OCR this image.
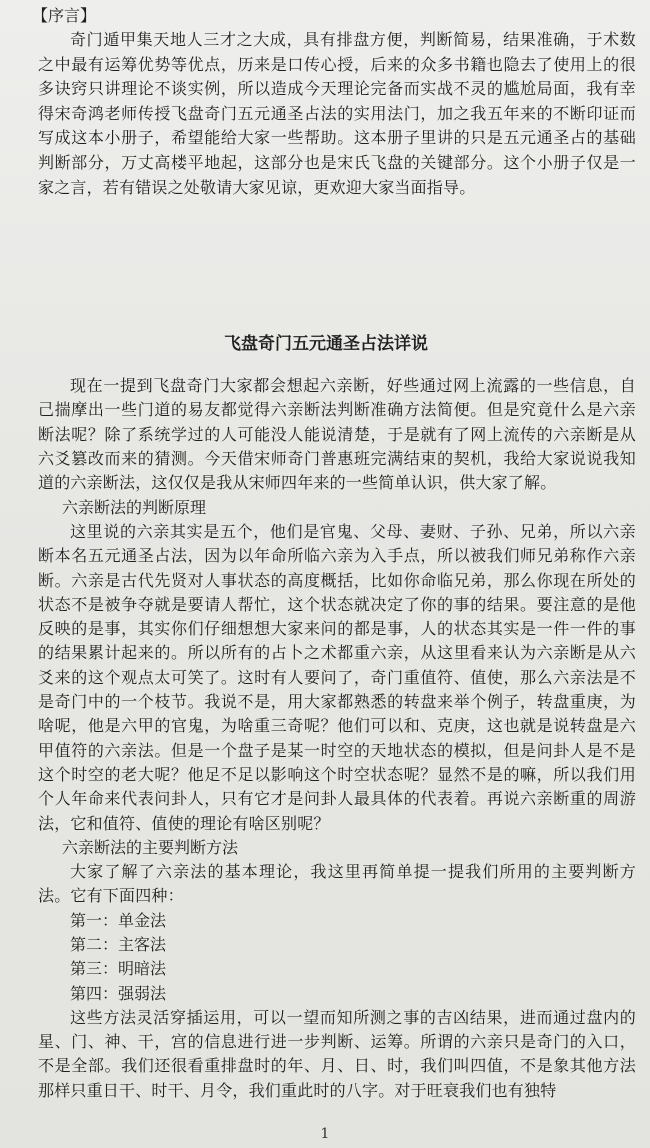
【序言】

奇门遁甲集天地人三才之大成，具有排盘方便，判断简易，结果准确，于术数之中最有运筹优势等优点，历来是口传心授，后来的众多书籍也隐去了使用上的很多诀窍只讲理论不谈实例，所以造成今天理论完备而实战不灵的尴尬局面，我有幸得宋奇鸿老师传授飞盘奇门五元通圣占法的实用法门，加之我五年来的不断印证而写成这本小册子，希望能给大家一些帮助。这本册子里讲的只是五元通圣占的基础判断部分，万丈高楼平地起，这部分也是宋氏飞盘的关键部分。这个小册子仅是一家之言，若有错误之处敬请大家见谅，更欢迎大家当面指导。

飞盘奇门五元通圣占法详说

现在一提到飞盘奇门大家都会想起六亲断，好些通过网上流露的一些信息，自己揣摩出一些门道的易友都觉得六亲断法判断准确方法简便。但是究竟什么是六亲断法呢？除了系统学过的人可能没人能说清楚，于是就有了网上流传的六亲断是从六爻篡改而来的猜测。今天借宋师奇门普惠班完满结束的契机，我给大家说说我知道的六亲断法，这仅仅是我从宋师四年来的一些简单认识，供大家了解。

六亲断法的判断原理

这里说的六亲其实是五个，他们是官鬼、父母、妻财、子孙、兄弟，所以六亲断本名五元通圣占法，因为以年命所临六亲为入手点，所以被我们师兄弟称作六亲断。六亲是古代先贤对人事状态的高度概括，比如你命临兄弟，那么你现在所处的状态不是被争夺就是要请人帮忙，这个状态就决定了你的事的结果。要注意的是他反映的是事，其实你们仔细想想大家来问的都是事，人的状态其实是一件一件的事的结果累计起来的。所以所有的占卜之术都重六亲，从这里看来认为六亲断是从六爻来的这个观点太可笑了。这时有人要问了，奇门重值符、值使，那么六亲法是不是奇门中的一个枝节。我说不是，用大家都熟悉的转盘来举个例子，转盘重庚，为啥呢，他是六甲的官鬼，为啥重三奇呢？他们可以和、克庚，这也就是说转盘是六甲值符的六亲法。但是一个盘子是某一时空的天地状态的模拟，但是问卦人是不是这个时空的老大呢？他足不足以影响这个时空状态呢？显然不是的嘛，所以我们用个人年命来代表问卦人，只有它才是问卦人最具体的代表着。再说六亲断重的周游法，它和值符、值使的理论有啥区别呢？

六亲断法的主要判断方法

大家了解了六亲法的基本理论，我这里再简单提一提我们所用的主要判断方法。它有下面四种：

第一：单金法
第二：主客法
第三：明暗法
第四：强弱法

这些方法灵活穿插运用，可以一望而知所测之事的吉凶结果，进而通过盘内的星、门、神、干，宫的信息进行进一步判断、运筹。所谓的六亲只是奇门的入口，不是全部。我们还很看重排盘时的年、月、日、时，我们叫四值，不是象其他方法那样只重日干、时干、月令，我们重此时的八字。对于旺衰我们也有独特

1
